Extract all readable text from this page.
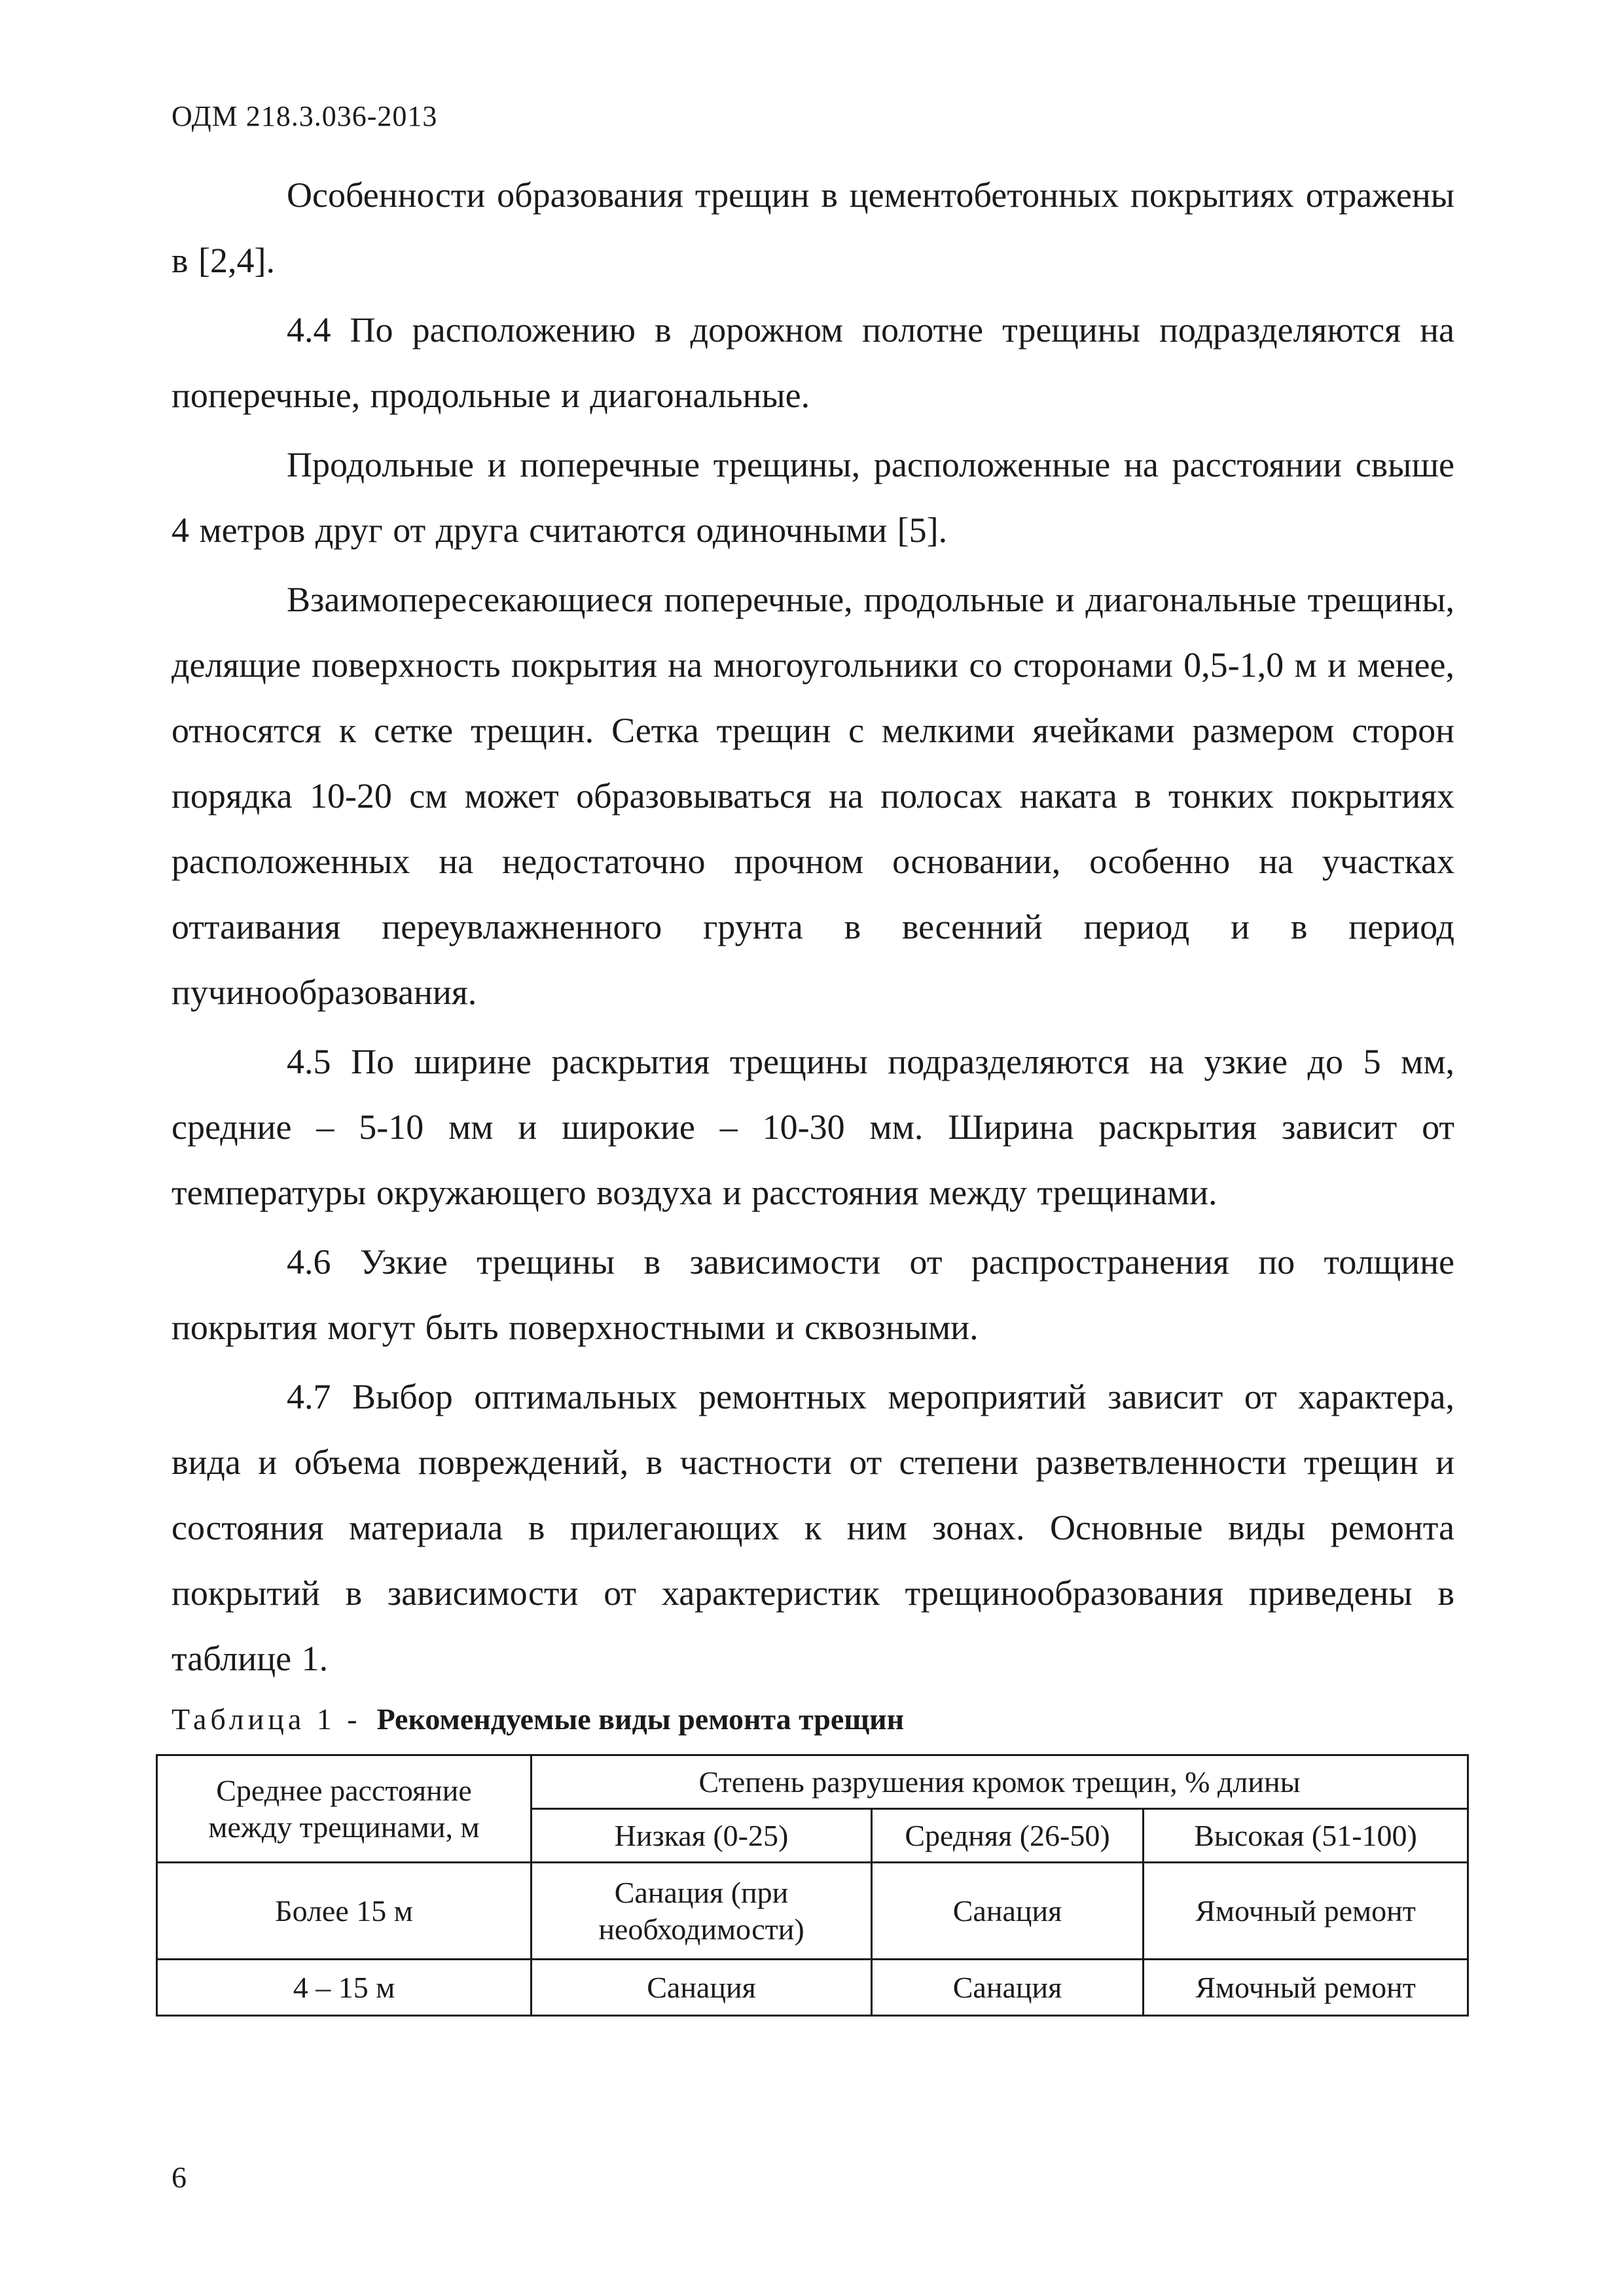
ОДМ 218.3.036-2013

Особенности образования трещин в цементобетонных покрытиях отражены в [2,4].

4.4 По расположению в дорожном полотне трещины подразделяются на поперечные, продольные и диагональные.

Продольные и поперечные трещины, расположенные на расстоянии свыше 4 метров друг от друга считаются одиночными [5].

Взаимопересекающиеся поперечные, продольные и диагональные трещины, делящие поверхность покрытия на многоугольники со сторонами 0,5-1,0 м и менее, относятся к сетке трещин. Сетка трещин с мелкими ячейками размером сторон порядка 10-20 см может образовываться на полосах наката в тонких покрытиях расположенных на недостаточно прочном основании, особенно на участках оттаивания переувлажненного грунта в весенний период и в период пучинообразования.

4.5 По ширине раскрытия трещины подразделяются на узкие до 5 мм, средние – 5-10 мм и широкие – 10-30 мм. Ширина раскрытия зависит от температуры окружающего воздуха и расстояния между трещинами.

4.6 Узкие трещины в зависимости от распространения по толщине покрытия могут быть поверхностными и сквозными.

4.7 Выбор оптимальных ремонтных мероприятий зависит от характера, вида и объема повреждений, в частности от степени разветвленности трещин и состояния материала в прилегающих к ним зонах. Основные виды ремонта покрытий в зависимости от характеристик трещинообразования приведены в таблице 1.

Таблица 1 - Рекомендуемые виды ремонта трещин
Среднее расстояние между трещинами, м	Степень разрушения кромок трещин, % длины		
	Низкая (0-25)	Средняя (26-50)	Высокая (51-100)
Более 15 м	Санация (при необходимости)	Санация	Ямочный ремонт
4 – 15 м	Санация	Санация	Ямочный ремонт
6
